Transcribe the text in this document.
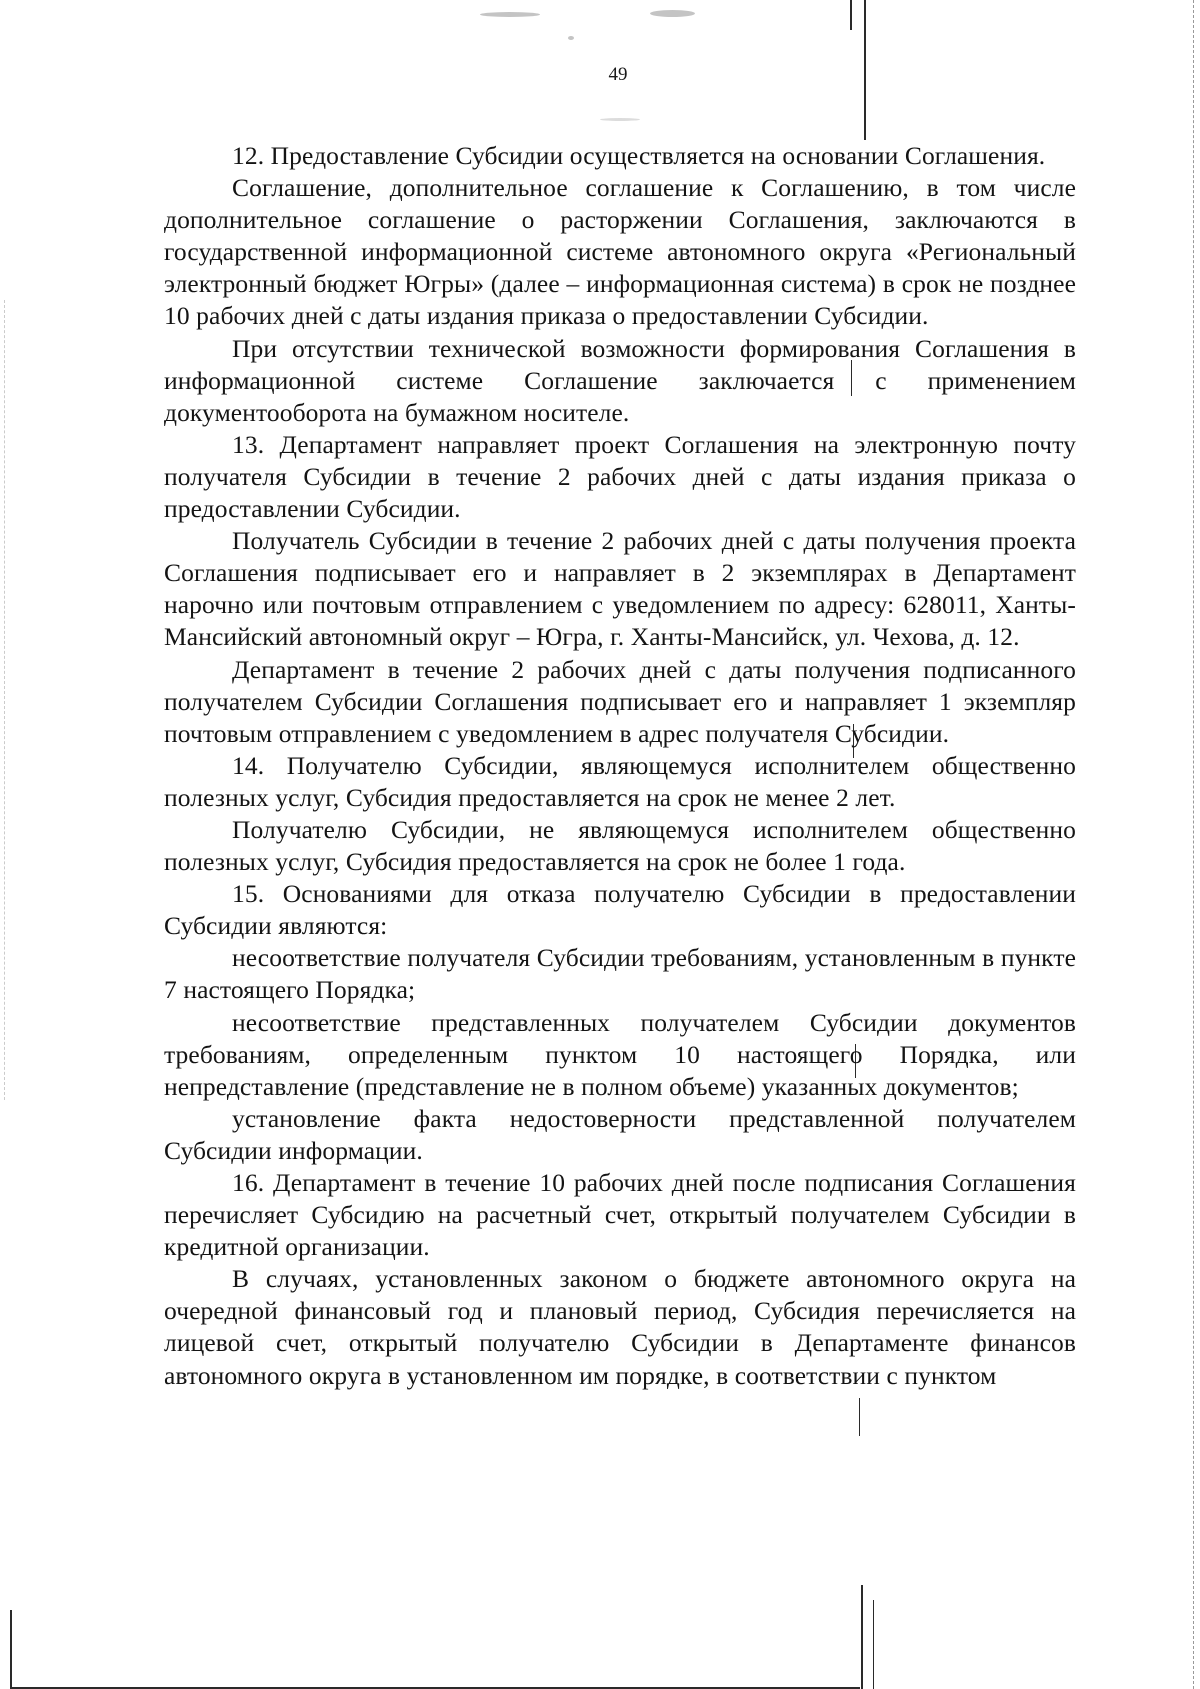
49

12. Предоставление Субсидии осуществляется на основании Соглашения.

Соглашение, дополнительное соглашение к Соглашению, в том числе дополнительное соглашение о расторжении Соглашения, заключаются в государственной информационной системе автономного округа «Региональный электронный бюджет Югры» (далее – информационная система) в срок не позднее 10 рабочих дней с даты издания приказа о предоставлении Субсидии.

При отсутствии технической возможности формирования Соглашения в информационной системе Соглашение заключается с применением документооборота на бумажном носителе.

13. Департамент направляет проект Соглашения на электронную почту получателя Субсидии в течение 2 рабочих дней с даты издания приказа о предоставлении Субсидии.

Получатель Субсидии в течение 2 рабочих дней с даты получения проекта Соглашения подписывает его и направляет в 2 экземплярах в Департамент нарочно или почтовым отправлением с уведомлением по адресу: 628011, Ханты-Мансийский автономный округ – Югра, г. Ханты-Мансийск, ул. Чехова, д. 12.

Департамент в течение 2 рабочих дней с даты получения подписанного получателем Субсидии Соглашения подписывает его и направляет 1 экземпляр почтовым отправлением с уведомлением в адрес получателя Субсидии.

14. Получателю Субсидии, являющемуся исполнителем общественно полезных услуг, Субсидия предоставляется на срок не менее 2 лет.

Получателю Субсидии, не являющемуся исполнителем общественно полезных услуг, Субсидия предоставляется на срок не более 1 года.

15. Основаниями для отказа получателю Субсидии в предоставлении Субсидии являются:

несоответствие получателя Субсидии требованиям, установленным в пункте 7 настоящего Порядка;

несоответствие представленных получателем Субсидии документов требованиям, определенным пунктом 10 настоящего Порядка, или непредставление (представление не в полном объеме) указанных документов;

установление факта недостоверности представленной получателем Субсидии информации.

16. Департамент в течение 10 рабочих дней после подписания Соглашения перечисляет Субсидию на расчетный счет, открытый получателем Субсидии в кредитной организации.

В случаях, установленных законом о бюджете автономного округа на очередной финансовый год и плановый период, Субсидия перечисляется на лицевой счет, открытый получателю Субсидии в Департаменте финансов автономного округа в установленном им порядке, в соответствии с пунктом
